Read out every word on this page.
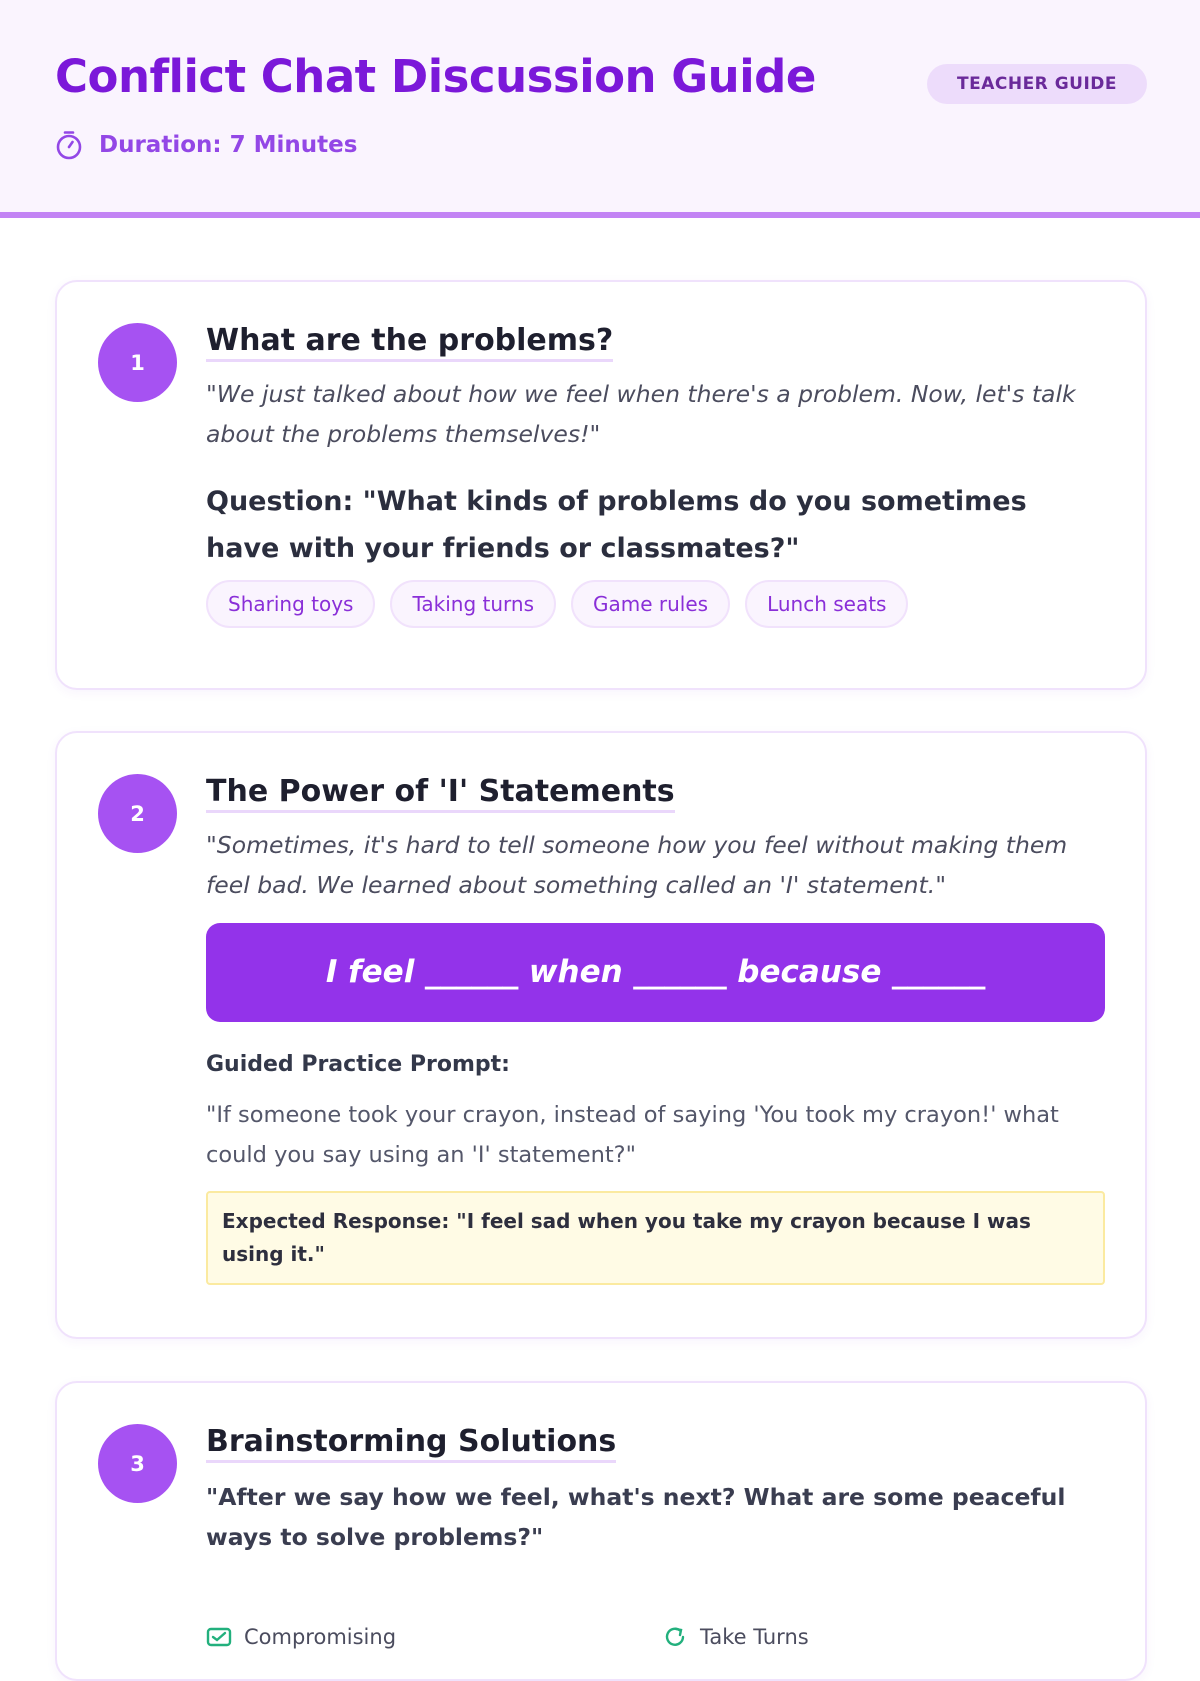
Conflict Chat Discussion Guide	TEACHER GUIDE
Duration: 7 Minutes
1
What are the problems?
"We just talked about how we feel when there's a problem. Now, let's talk about the problems themselves!"
Question: "What kinds of problems do you sometimes have with your friends or classmates?"
Sharing toys	Taking turns	Game rules	Lunch seats
2
The Power of 'I' Statements
"Sometimes, it's hard to tell someone how you feel without making them feel bad. We learned about something called an 'I' statement."
I feel ______ when ______ because ______
Guided Practice Prompt:
"If someone took your crayon, instead of saying 'You took my crayon!' what could you say using an 'I' statement?"
Expected Response: "I feel sad when you take my crayon because I was using it."
3
Brainstorming Solutions
"After we say how we feel, what's next? What are some peaceful ways to solve problems?"
Compromising	Take Turns
